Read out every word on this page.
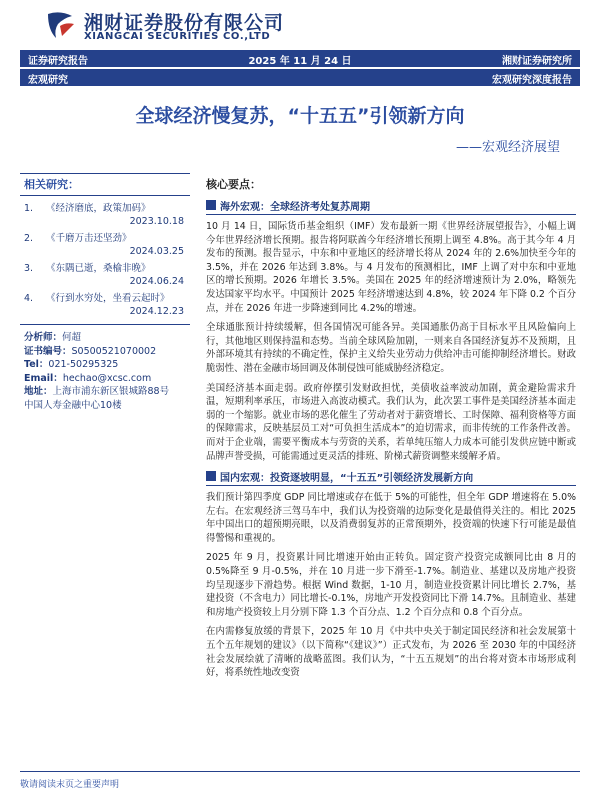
湘财证券股份有限公司
XIANGCAI SECURITIES CO.,LTD
证券研究报告	2025 年 11 月 24 日	湘财证券研究所
宏观研究	宏观研究深度报告
全球经济慢复苏，“十五五”引领新方向
——宏观经济展望
相关研究：
1. 《经济磨底，政策加码》
2023.10.18
2. 《千磨万击还坚劲》
2024.03.25
3. 《东隅已逝，桑榆非晚》
2024.06.24
4. 《行到水穷处，坐看云起时》
2024.12.23
分析师：何超
证书编号：S0500521070002
Tel：021-50295325
Email：hechao@xcsc.com
地址：上海市浦东新区银城路88号
中国人寿金融中心10楼
核心要点：
海外宏观：全球经济考处复苏周期

10 月 14 日，国际货币基金组织（IMF）发布最新一期《世界经济展望报告》，小幅上调今年世界经济增长预期。报告将阿联酋今年经济增长预期上调至 4.8%。高于其今年 4 月发布的预测。报告显示，中东和中亚地区的经济增长将从 2024 年的 2.6%加快至今年的 3.5%，并在 2026 年达到 3.8%。与 4 月发布的预测相比，IMF 上调了对中东和中亚地区的增长预期。2026 年增长 3.5%。美国在 2025 年的经济增速预计为 2.0%，略领先发达国家平均水平。中国预计 2025 年经济增速达到 4.8%，较 2024 年下降 0.2 个百分点，并在 2026 年进一步降速到同比 4.2%的增速。

全球通胀预计持续缓解，但各国情况可能各异。美国通胀仍高于目标水平且风险偏向上行，其他地区则保持温和态势。当前全球风险加剧，一则来自各国经济复苏不及预期，且外部环境其有持续的不确定性，保护主义给失业劳动力供给冲击可能抑制经济增长。财政脆弱性、潜在金融市场回调及体制侵蚀可能威胁经济稳定。

美国经济基本面走弱。政府停摆引发财政担忧，美债收益率波动加剧，黄金避险需求升温，短期利率承压，市场进入高波动模式。我们认为，此次罢工事件是美国经济基本面走弱的一个缩影。就业市场的恶化催生了劳动者对于薪资增长、工时保障、福利资格等方面的保障需求，反映基层员工对“可负担生活成本”的迫切需求，而非传统的工作条件改善。而对于企业端，需要平衡成本与劳资的关系，若单纯压缩人力成本可能引发供应链中断或品牌声誉受损，可能需通过更灵活的排班、阶梯式薪资调整来缓解矛盾。

国内宏观：投资逐坡明显，“十五五”引领经济发展新方向

我们预计第四季度 GDP 同比增速或存在低于 5%的可能性，但全年 GDP 增速将在 5.0%左右。在宏观经济三驾马车中，我们认为投资端的边际变化是最值得关注的。相比 2025 年中国出口的超预期亮眼，以及消费弱复苏的正常预期外，投资端的快速下行可能是最值得警惕和重视的。

2025 年 9 月，投资累计同比增速开始由正转负。固定资产投资完成额同比由 8 月的 0.5%降至 9 月-0.5%，并在 10 月进一步下滑至-1.7%。制造业、基建以及房地产投资均呈现逐步下滑趋势。根据 Wind 数据，1-10 月，制造业投资累计同比增长 2.7%，基建投资（不含电力）同比增长-0.1%，房地产开发投资同比下滑 14.7%。且制造业、基建和房地产投资较上月分别下降 1.3 个百分点、1.2 个百分点和 0.8 个百分点。

在内需修复放缓的背景下，2025 年 10 月《中共中央关于制定国民经济和社会发展第十五个五年规划的建议》（以下简称“《建议》”）正式发布，为 2026 至 2030 年的中国经济社会发展绘就了清晰的战略蓝图。我们认为，“十五五规划”的出台将对资本市场形成利好，将系统性地改变资

敬请阅读末页之重要声明
